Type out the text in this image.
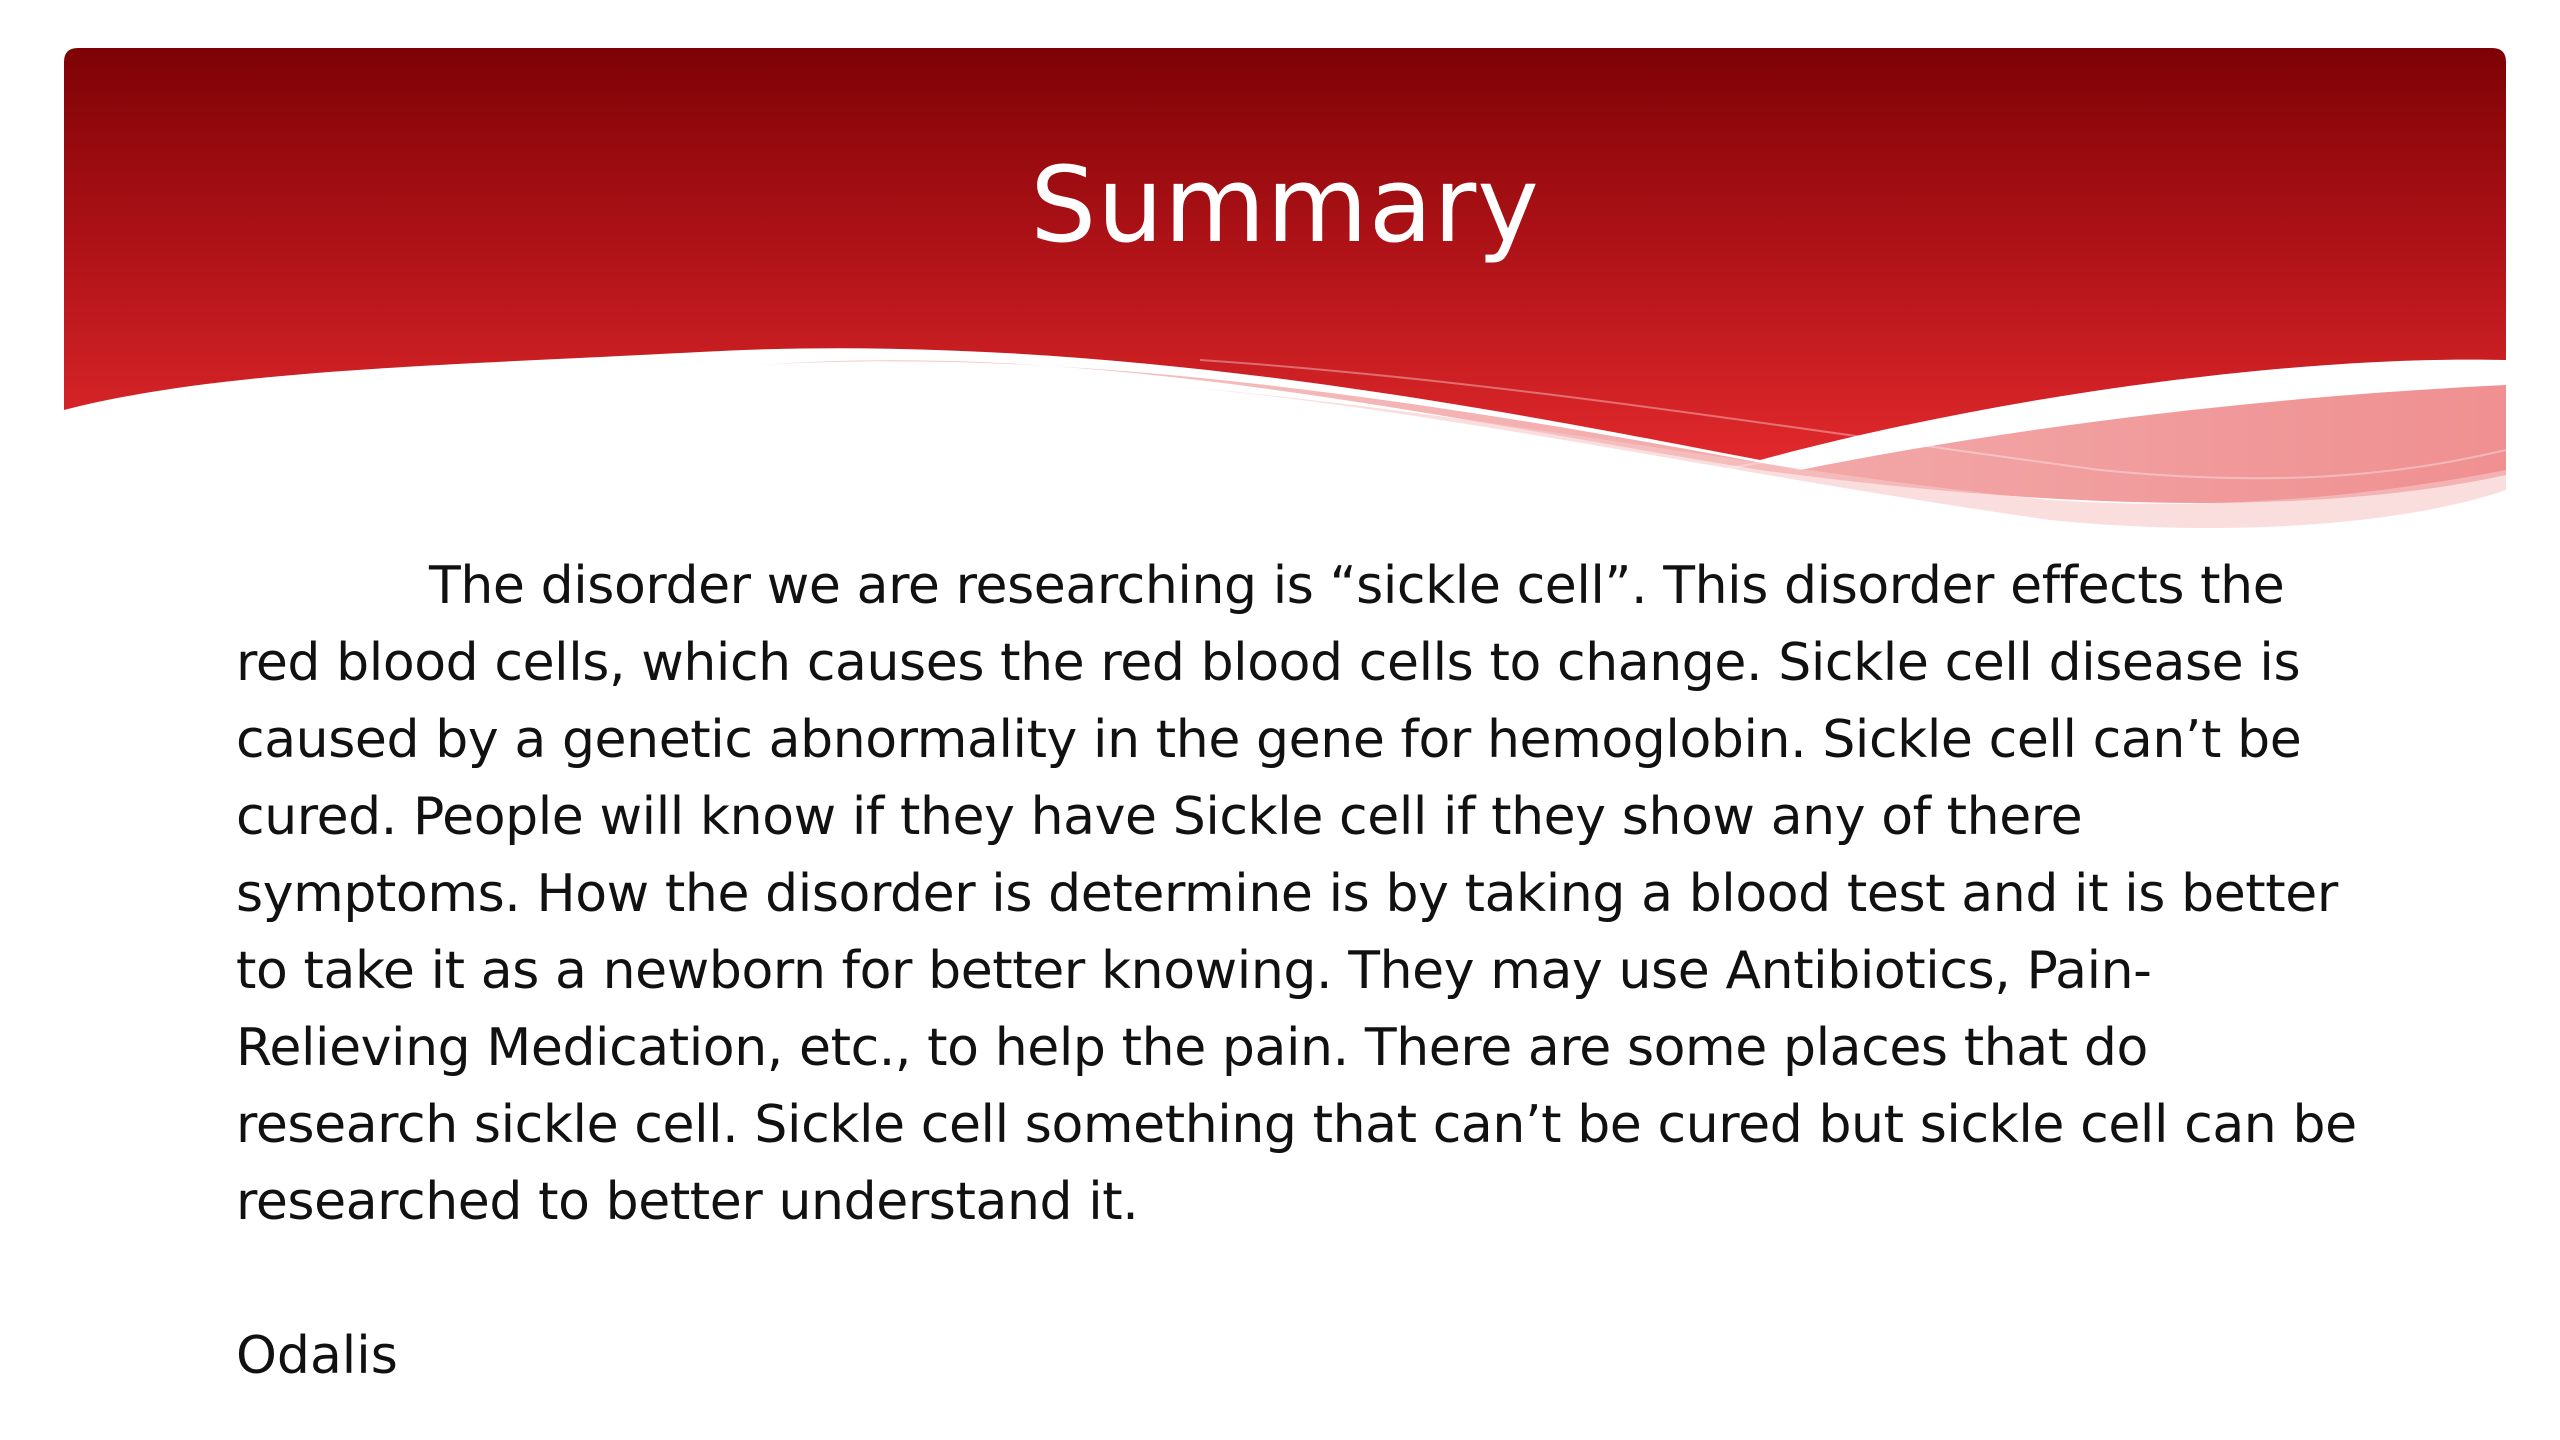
Summary

The disorder we are researching is “sickle cell”. This disorder effects the red blood cells, which causes the red blood cells to change. Sickle cell disease is caused by a genetic abnormality in the gene for hemoglobin. Sickle cell can’t be cured. People will know if they have Sickle cell if they show any of there symptoms. How the disorder is determine is by taking a blood test and it is better to take it as a newborn for better knowing. They may use Antibiotics, Pain-Relieving Medication, etc., to help the pain. There are some places that do research sickle cell. Sickle cell something that can’t be cured but sickle cell can be researched to better understand it.

Odalis
